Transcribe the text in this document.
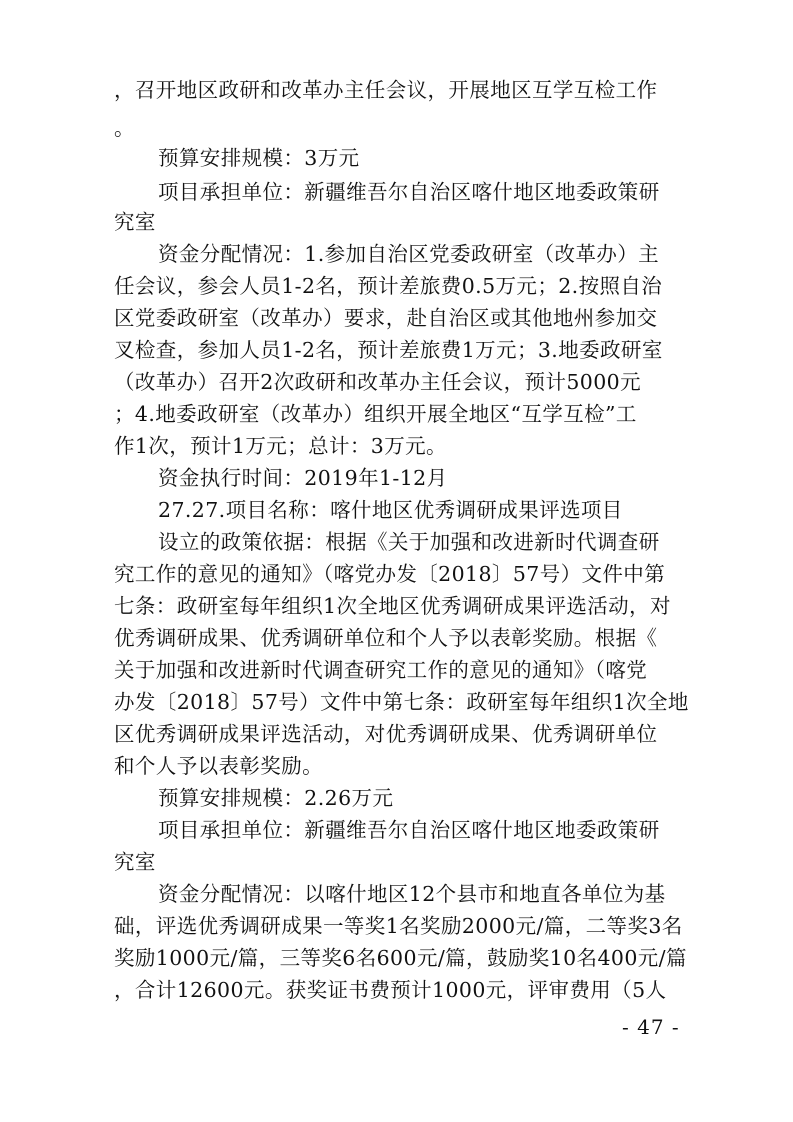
，召开地区政研和改革办主任会议，开展地区互学互检工作
。
预算安排规模：3万元
项目承担单位：新疆维吾尔自治区喀什地区地委政策研
究室
资金分配情况：1.参加自治区党委政研室（改革办）主
任会议，参会人员1-2名，预计差旅费0.5万元；2.按照自治
区党委政研室（改革办）要求，赴自治区或其他地州参加交
叉检查，参加人员1-2名，预计差旅费1万元；3.地委政研室
（改革办）召开2次政研和改革办主任会议，预计5000元
；4.地委政研室（改革办）组织开展全地区“互学互检”工
作1次，预计1万元；总计：3万元。
资金执行时间：2019年1-12月
27.27.项目名称：喀什地区优秀调研成果评选项目
设立的政策依据：根据《关于加强和改进新时代调查研
究工作的意见的通知》（喀党办发〔2018〕57号）文件中第
七条：政研室每年组织1次全地区优秀调研成果评选活动，对
优秀调研成果、优秀调研单位和个人予以表彰奖励。根据《
关于加强和改进新时代调查研究工作的意见的通知》（喀党
办发〔2018〕57号）文件中第七条：政研室每年组织1次全地
区优秀调研成果评选活动，对优秀调研成果、优秀调研单位
和个人予以表彰奖励。
预算安排规模：2.26万元
项目承担单位：新疆维吾尔自治区喀什地区地委政策研
究室
资金分配情况：以喀什地区12个县市和地直各单位为基
础，评选优秀调研成果一等奖1名奖励2000元/篇，二等奖3名
奖励1000元/篇，三等奖6名600元/篇，鼓励奖10名400元/篇
，合计12600元。获奖证书费预计1000元，评审费用（5人
- 47 -
